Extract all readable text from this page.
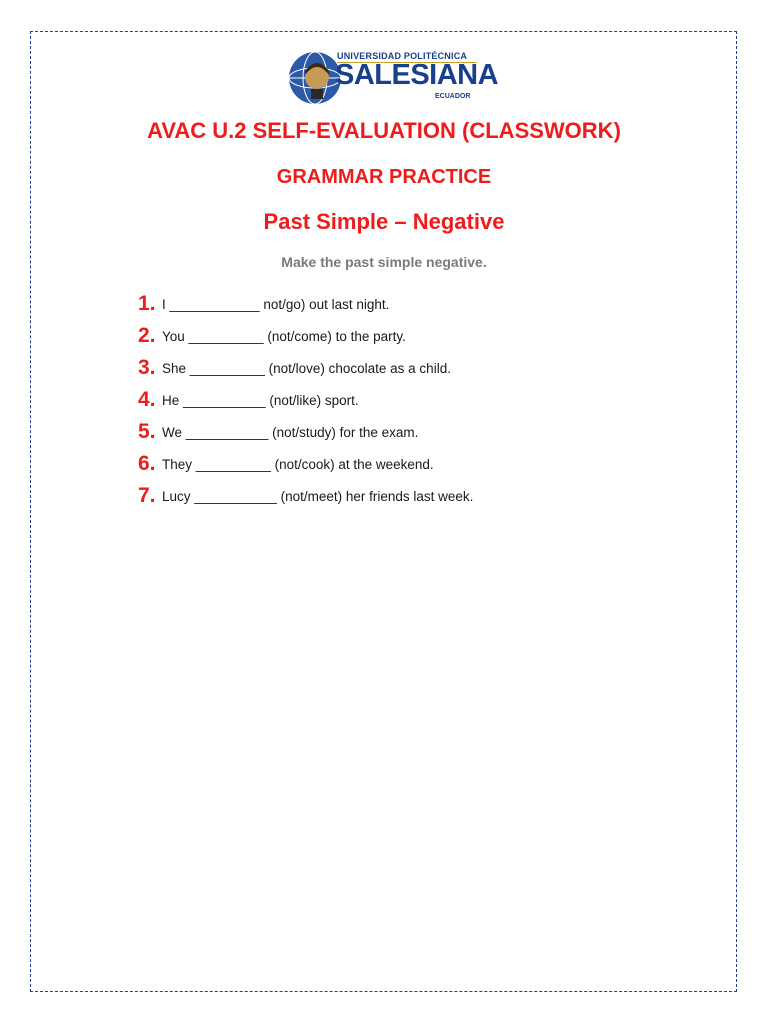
UNIVERSIDAD POLITÉCNICA
SALESIANA
ECUADOR
AVAC U.2 SELF-EVALUATION (CLASSWORK)
GRAMMAR PRACTICE
Past Simple – Negative
Make the past simple negative.
1. I ____________ not/go) out last night.
2. You __________ (not/come) to the party.
3. She __________ (not/love) chocolate as a child.
4. He ___________ (not/like) sport.
5. We ___________ (not/study) for the exam.
6. They __________ (not/cook) at the weekend.
7. Lucy ___________ (not/meet) her friends last week.
